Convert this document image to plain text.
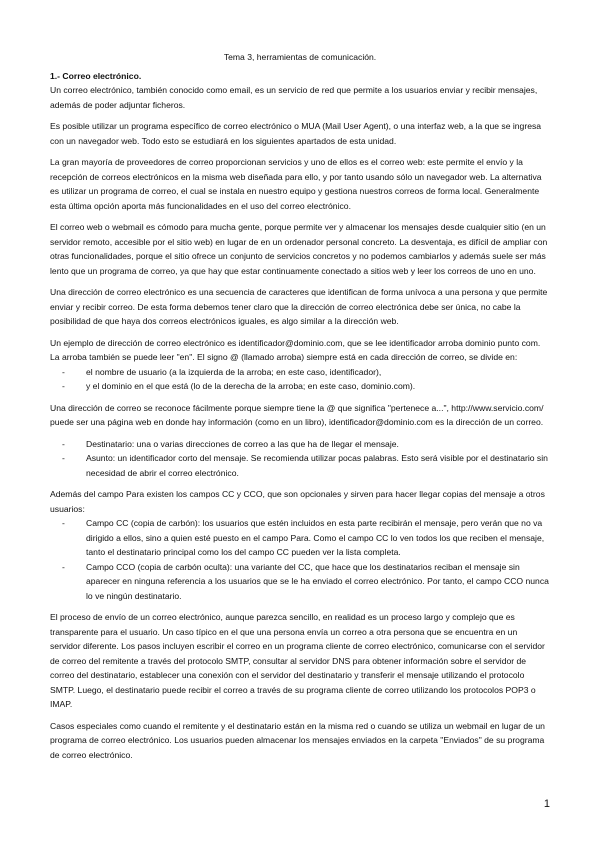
Tema 3, herramientas de comunicación.
1.- Correo electrónico.

Un correo electrónico, también conocido como email, es un servicio de red que permite a los usuarios enviar y recibir mensajes, además de poder adjuntar ficheros.

Es posible utilizar un programa específico de correo electrónico o MUA (Mail User Agent), o una interfaz web, a la que se ingresa con un navegador web. Todo esto se estudiará en los siguientes apartados de esta unidad.

La gran mayoría de proveedores de correo proporcionan servicios y uno de ellos es el correo web: este permite el envío y la recepción de correos electrónicos en la misma web diseñada para ello, y por tanto usando sólo un navegador web. La alternativa es utilizar un programa de correo, el cual se instala en nuestro equipo y gestiona nuestros correos de forma local. Generalmente esta última opción aporta más funcionalidades en el uso del correo electrónico.

El correo web o webmail es cómodo para mucha gente, porque permite ver y almacenar los mensajes desde cualquier sitio (en un servidor remoto, accesible por el sitio web) en lugar de en un ordenador personal concreto. La desventaja, es difícil de ampliar con otras funcionalidades, porque el sitio ofrece un conjunto de servicios concretos y no podemos cambiarlos y además suele ser más lento que un programa de correo, ya que hay que estar continuamente conectado a sitios web y leer los correos de uno en uno.

Una dirección de correo electrónico es una secuencia de caracteres que identifican de forma unívoca a una persona y que permite enviar y recibir correo. De esta forma debemos tener claro que la dirección de correo electrónica debe ser única, no cabe la posibilidad de que haya dos correos electrónicos iguales, es algo similar a la dirección web.

Un ejemplo de dirección de correo electrónico es identificador@dominio.com, que se lee identificador arroba dominio punto com. La arroba también se puede leer "en". El signo @ (llamado arroba) siempre está en cada dirección de correo, se divide en:

- el nombre de usuario (a la izquierda de la arroba; en este caso, identificador),
- y el dominio en el que está (lo de la derecha de la arroba; en este caso, dominio.com).

Una dirección de correo se reconoce fácilmente porque siempre tiene la @ que significa "pertenece a...", http://www.servicio.com/ puede ser una página web en donde hay información (como en un libro), identificador@dominio.com es la dirección de un correo.

- Destinatario: una o varias direcciones de correo a las que ha de llegar el mensaje.
- Asunto: un identificador corto del mensaje. Se recomienda utilizar pocas palabras. Esto será visible por el destinatario sin necesidad de abrir el correo electrónico.

Además del campo Para existen los campos CC y CCO, que son opcionales y sirven para hacer llegar copias del mensaje a otros usuarios:

- Campo CC (copia de carbón): los usuarios que estén incluidos en esta parte recibirán el mensaje, pero verán que no va dirigido a ellos, sino a quien esté puesto en el campo Para. Como el campo CC lo ven todos los que reciben el mensaje, tanto el destinatario principal como los del campo CC pueden ver la lista completa.
- Campo CCO (copia de carbón oculta): una variante del CC, que hace que los destinatarios reciban el mensaje sin aparecer en ninguna referencia a los usuarios que se le ha enviado el correo electrónico. Por tanto, el campo CCO nunca lo ve ningún destinatario.

El proceso de envío de un correo electrónico, aunque parezca sencillo, en realidad es un proceso largo y complejo que es transparente para el usuario. Un caso típico en el que una persona envía un correo a otra persona que se encuentra en un servidor diferente. Los pasos incluyen escribir el correo en un programa cliente de correo electrónico, comunicarse con el servidor de correo del remitente a través del protocolo SMTP, consultar al servidor DNS para obtener información sobre el servidor de correo del destinatario, establecer una conexión con el servidor del destinatario y transferir el mensaje utilizando el protocolo SMTP. Luego, el destinatario puede recibir el correo a través de su programa cliente de correo utilizando los protocolos POP3 o IMAP.

Casos especiales como cuando el remitente y el destinatario están en la misma red o cuando se utiliza un webmail en lugar de un programa de correo electrónico. Los usuarios pueden almacenar los mensajes enviados en la carpeta "Enviados" de su programa de correo electrónico.

1
